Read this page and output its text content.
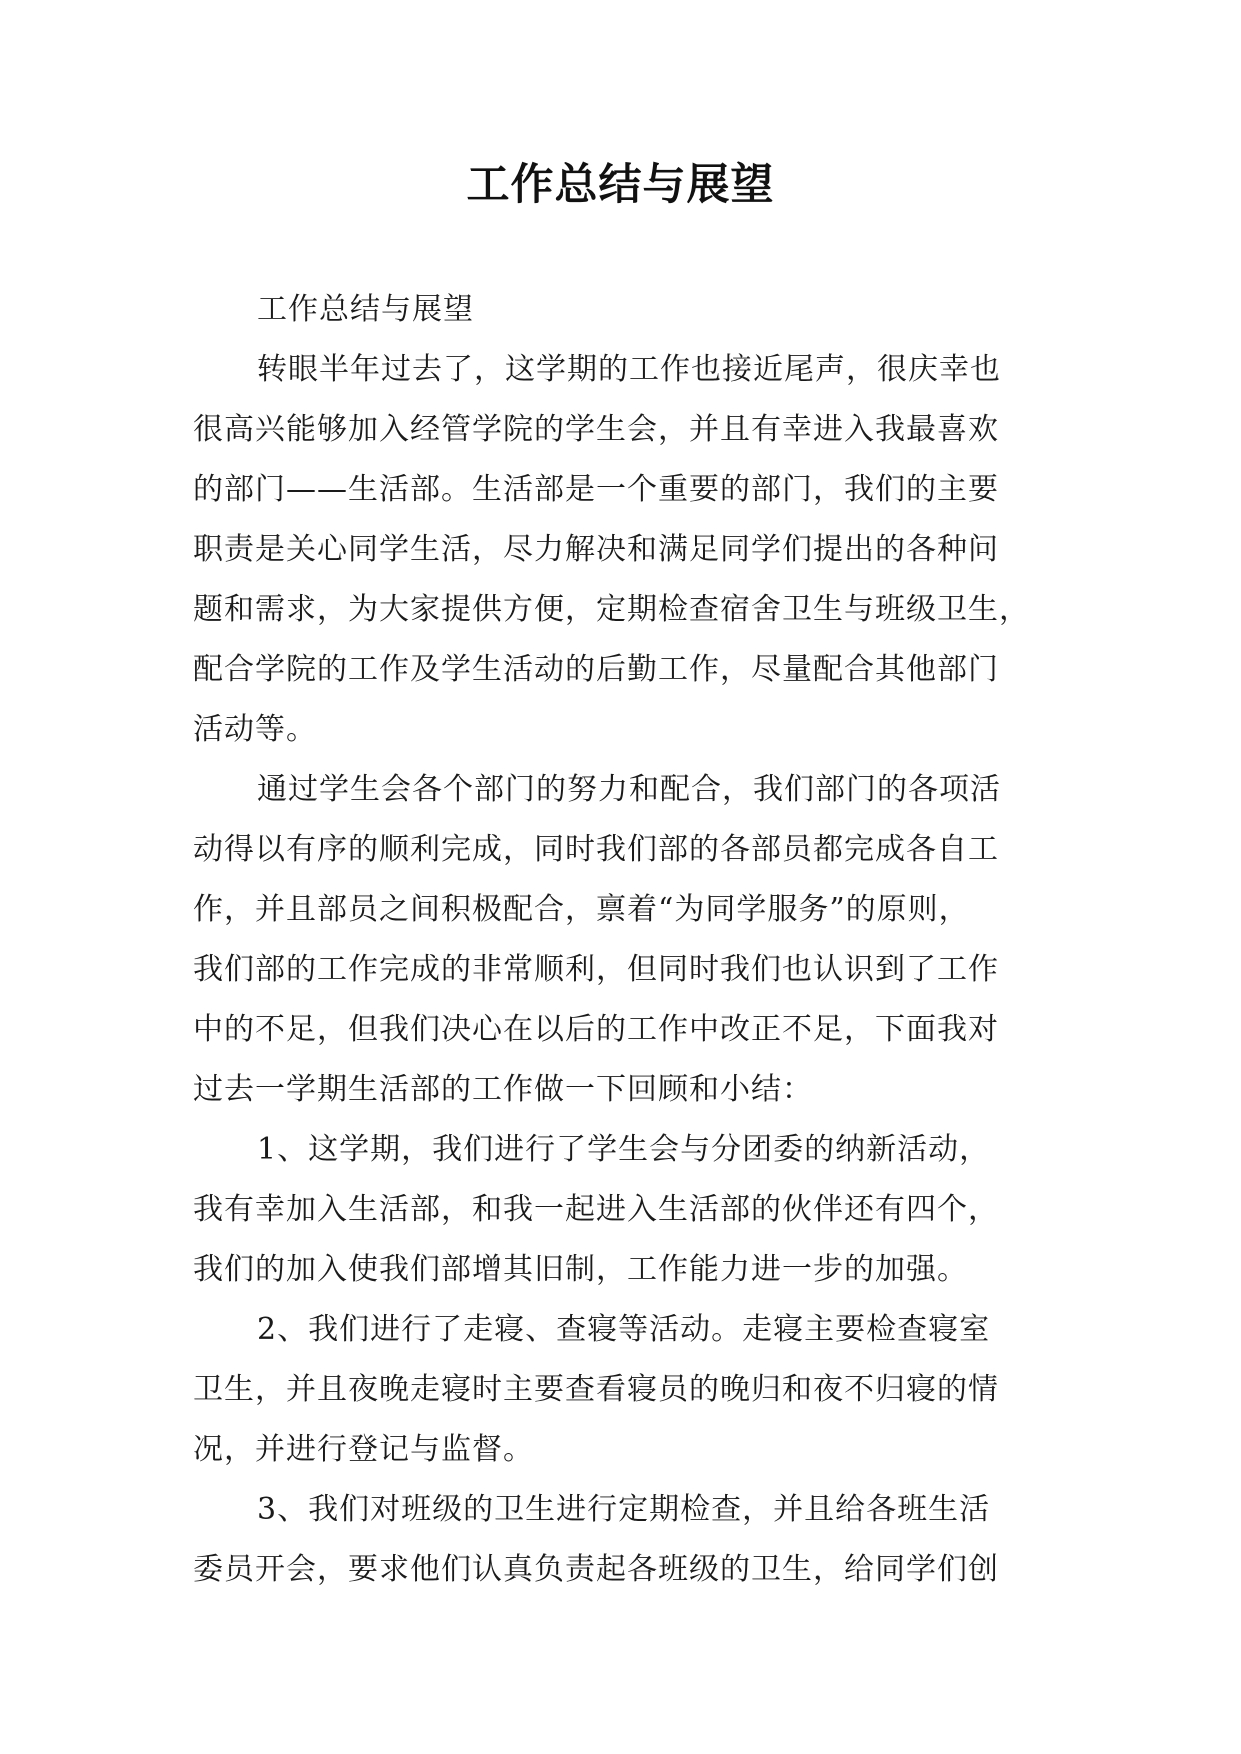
工作总结与展望
工作总结与展望
转眼半年过去了，这学期的工作也接近尾声，很庆幸也
很高兴能够加入经管学院的学生会，并且有幸进入我最喜欢
的部门——生活部。生活部是一个重要的部门，我们的主要
职责是关心同学生活，尽力解决和满足同学们提出的各种问
题和需求，为大家提供方便，定期检查宿舍卫生与班级卫生，
配合学院的工作及学生活动的后勤工作，尽量配合其他部门
活动等。
通过学生会各个部门的努力和配合，我们部门的各项活
动得以有序的顺利完成，同时我们部的各部员都完成各自工
作，并且部员之间积极配合，禀着“为同学服务”的原则，
我们部的工作完成的非常顺利，但同时我们也认识到了工作
中的不足，但我们决心在以后的工作中改正不足，下面我对
过去一学期生活部的工作做一下回顾和小结：
1、这学期，我们进行了学生会与分团委的纳新活动，
我有幸加入生活部，和我一起进入生活部的伙伴还有四个，
我们的加入使我们部增其旧制，工作能力进一步的加强。
2、我们进行了走寝、查寝等活动。走寝主要检查寝室
卫生，并且夜晚走寝时主要查看寝员的晚归和夜不归寝的情
况，并进行登记与监督。
3、我们对班级的卫生进行定期检查，并且给各班生活
委员开会，要求他们认真负责起各班级的卫生，给同学们创
